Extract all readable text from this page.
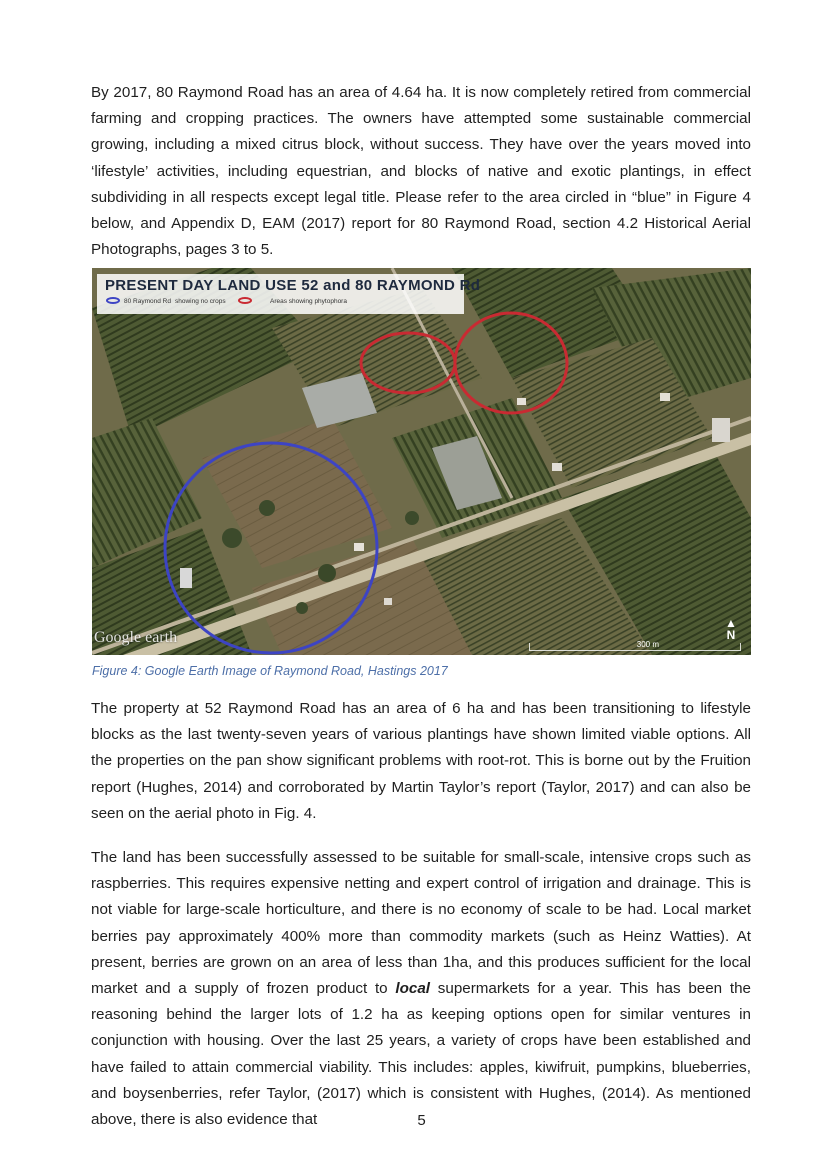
By 2017, 80 Raymond Road has an area of 4.64 ha. It is now completely retired from commercial farming and cropping practices. The owners have attempted some sustainable commercial growing, including a mixed citrus block, without success. They have over the years moved into ‘lifestyle’ activities, including equestrian, and blocks of native and exotic plantings, in effect subdividing in all respects except legal title. Please refer to the area circled in “blue” in Figure 4 below, and Appendix D, EAM (2017) report for 80 Raymond Road, section 4.2 Historical Aerial Photographs, pages 3 to 5.

PRESENT DAY LAND USE 52 and 80 RAYMOND Rd
80 Raymond Rd showing no crops	Areas showing phytophora
Google earth	300 m
▲
N
Figure 4: Google Earth Image of Raymond Road, Hastings 2017

The property at 52 Raymond Road has an area of 6 ha and has been transitioning to lifestyle blocks as the last twenty-seven years of various plantings have shown limited viable options. All the properties on the pan show significant problems with root-rot. This is borne out by the Fruition report (Hughes, 2014) and corroborated by Martin Taylor’s report (Taylor, 2017) and can also be seen on the aerial photo in Fig. 4.

The land has been successfully assessed to be suitable for small-scale, intensive crops such as raspberries. This requires expensive netting and expert control of irrigation and drainage. This is not viable for large-scale horticulture, and there is no economy of scale to be had. Local market berries pay approximately 400% more than commodity markets (such as Heinz Watties). At present, berries are grown on an area of less than 1ha, and this produces sufficient for the local market and a supply of frozen product to local supermarkets for a year. This has been the reasoning behind the larger lots of 1.2 ha as keeping options open for similar ventures in conjunction with housing. Over the last 25 years, a variety of crops have been established and have failed to attain commercial viability. This includes: apples, kiwifruit, pumpkins, blueberries, and boysenberries, refer Taylor, (2017) which is consistent with Hughes, (2014). As mentioned above, there is also evidence that	5
